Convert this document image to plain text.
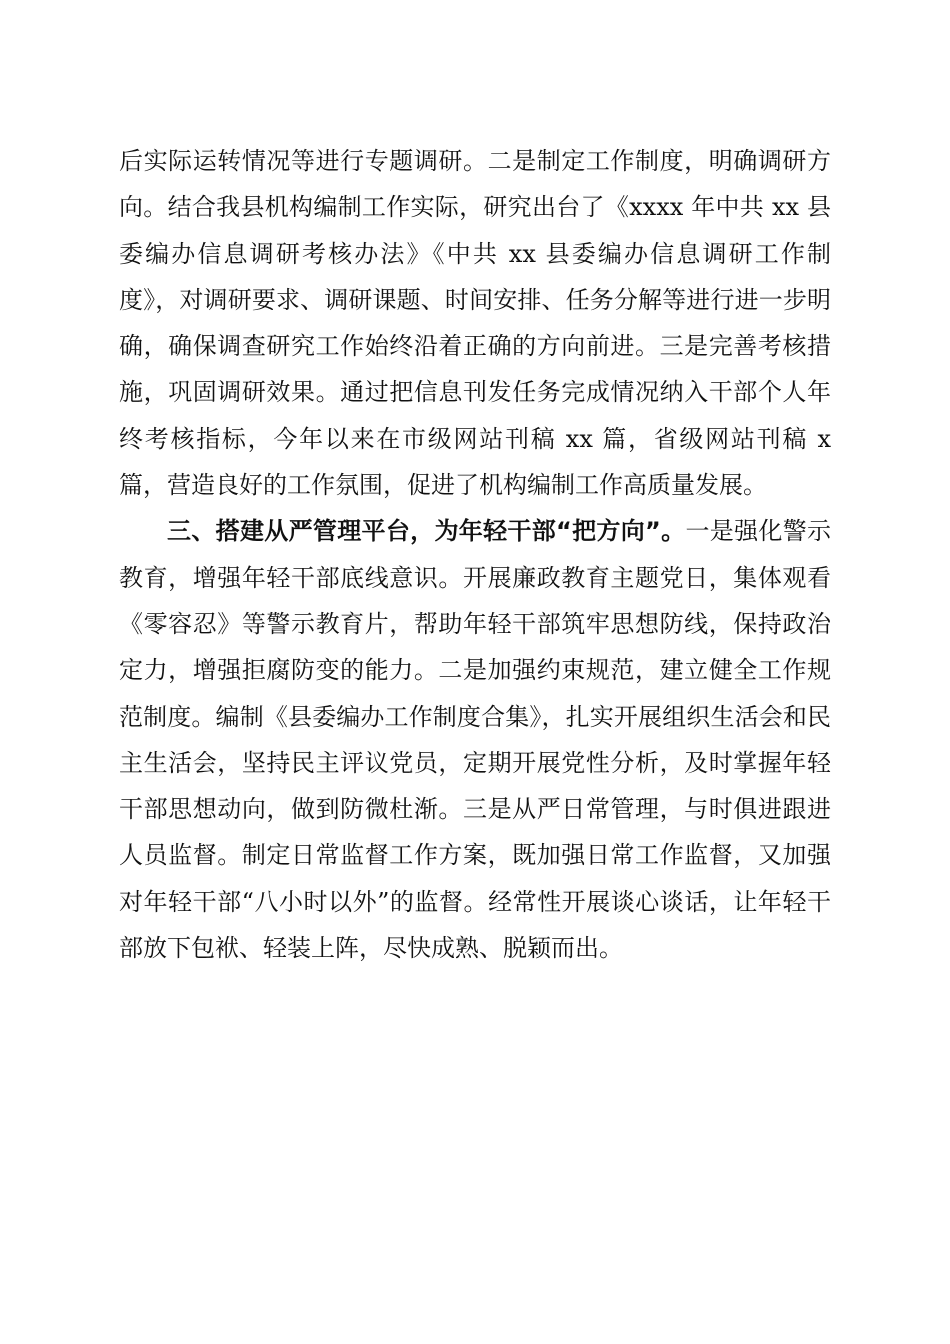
后实际运转情况等进行专题调研。二是制定工作制度，明确调研方向。结合我县机构编制工作实际，研究出台了《xxxx 年中共 xx 县委编办信息调研考核办法》《中共 xx 县委编办信息调研工作制度》，对调研要求、调研课题、时间安排、任务分解等进行进一步明确，确保调查研究工作始终沿着正确的方向前进。三是完善考核措施，巩固调研效果。通过把信息刊发任务完成情况纳入干部个人年终考核指标，今年以来在市级网站刊稿 xx 篇，省级网站刊稿 x 篇，营造良好的工作氛围，促进了机构编制工作高质量发展。

三、搭建从严管理平台，为年轻干部“把方向”。一是强化警示教育，增强年轻干部底线意识。开展廉政教育主题党日，集体观看《零容忍》等警示教育片，帮助年轻干部筑牢思想防线，保持政治定力，增强拒腐防变的能力。二是加强约束规范，建立健全工作规范制度。编制《县委编办工作制度合集》，扎实开展组织生活会和民主生活会，坚持民主评议党员，定期开展党性分析，及时掌握年轻干部思想动向，做到防微杜渐。三是从严日常管理，与时俱进跟进人员监督。制定日常监督工作方案，既加强日常工作监督，又加强对年轻干部“八小时以外”的监督。经常性开展谈心谈话，让年轻干部放下包袱、轻装上阵，尽快成熟、脱颖而出。
